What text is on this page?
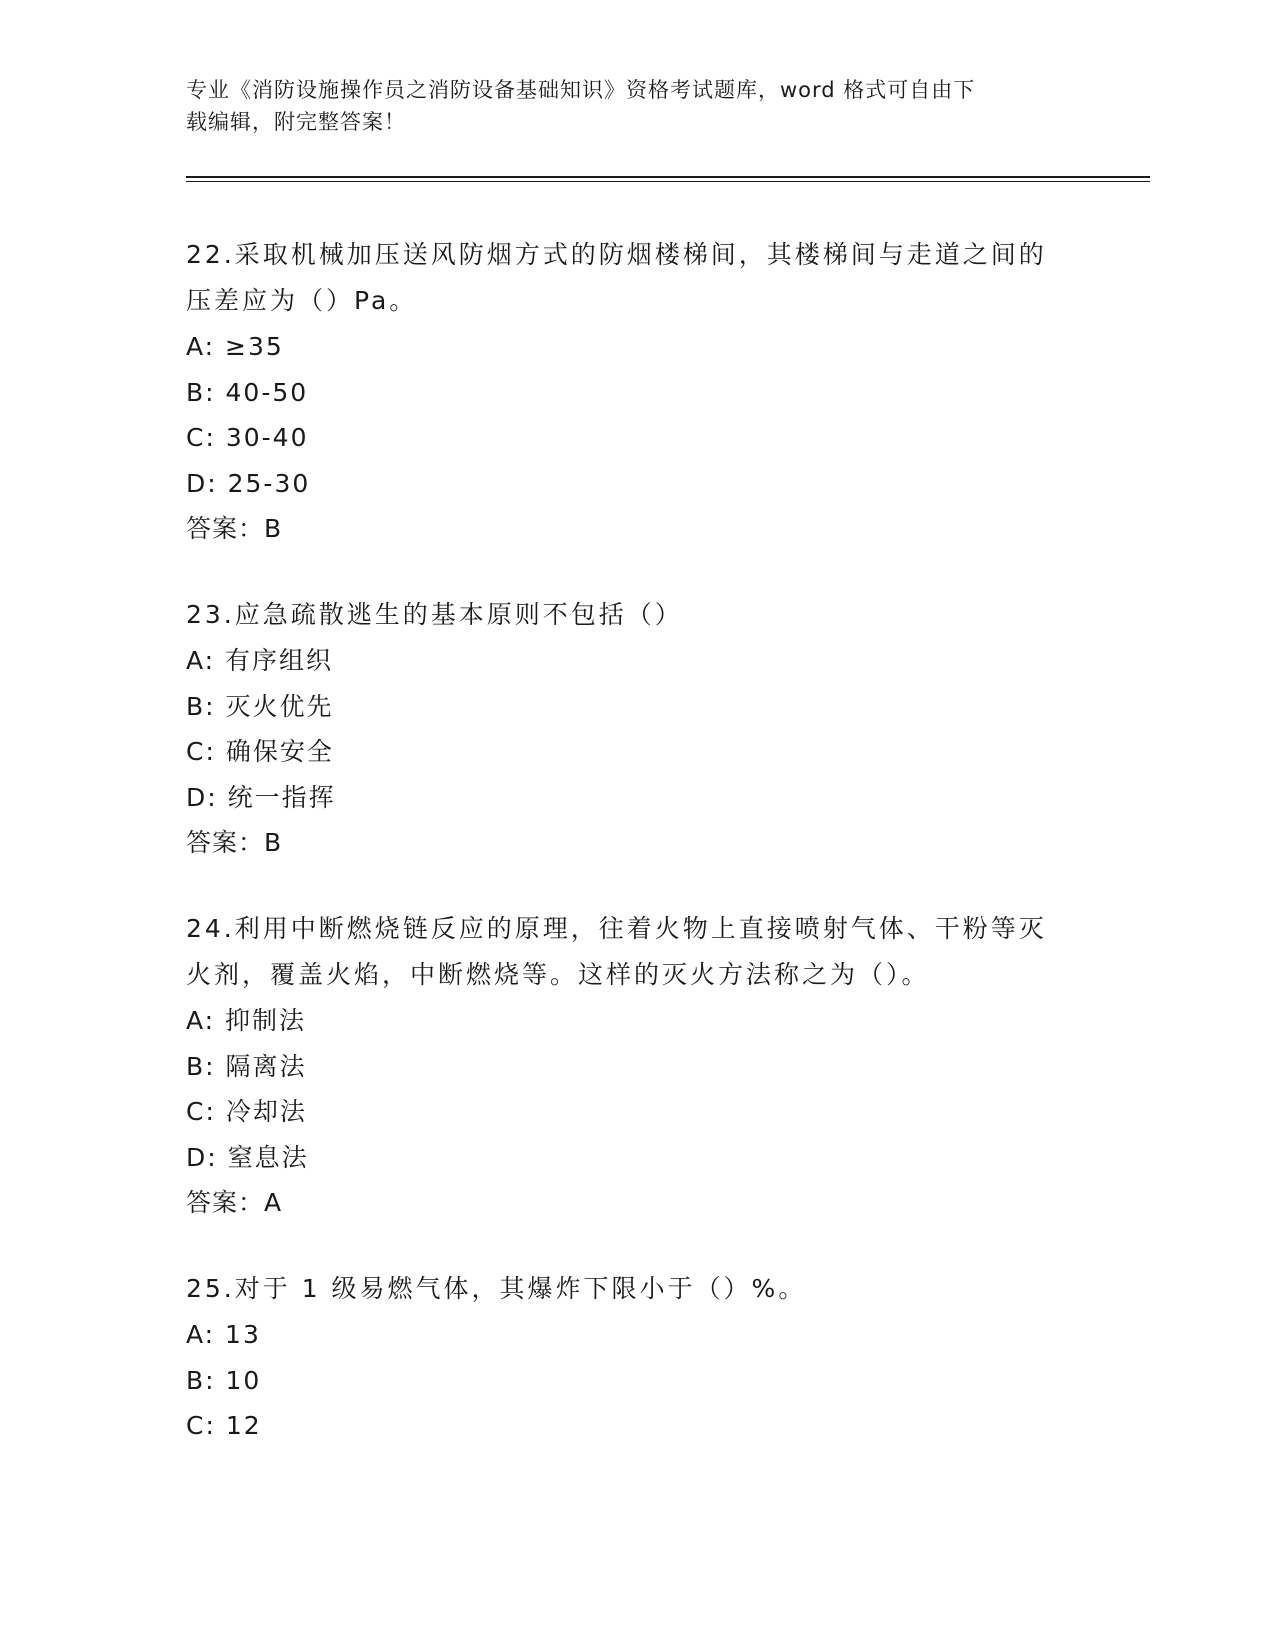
专业《消防设施操作员之消防设备基础知识》资格考试题库，word 格式可自由下
载编辑，附完整答案！
22.采取机械加压送风防烟方式的防烟楼梯间，其楼梯间与走道之间的
压差应为（）Pa。
A: ≥35
B: 40-50
C: 30-40
D: 25-30
答案：B
23.应急疏散逃生的基本原则不包括（）
A: 有序组织
B: 灭火优先
C: 确保安全
D: 统一指挥
答案：B
24.利用中断燃烧链反应的原理，往着火物上直接喷射气体、干粉等灭
火剂，覆盖火焰，中断燃烧等。这样的灭火方法称之为（）。
A: 抑制法
B: 隔离法
C: 冷却法
D: 窒息法
答案：A
25.对于 1 级易燃气体，其爆炸下限小于（）%。
A: 13
B: 10
C: 12
